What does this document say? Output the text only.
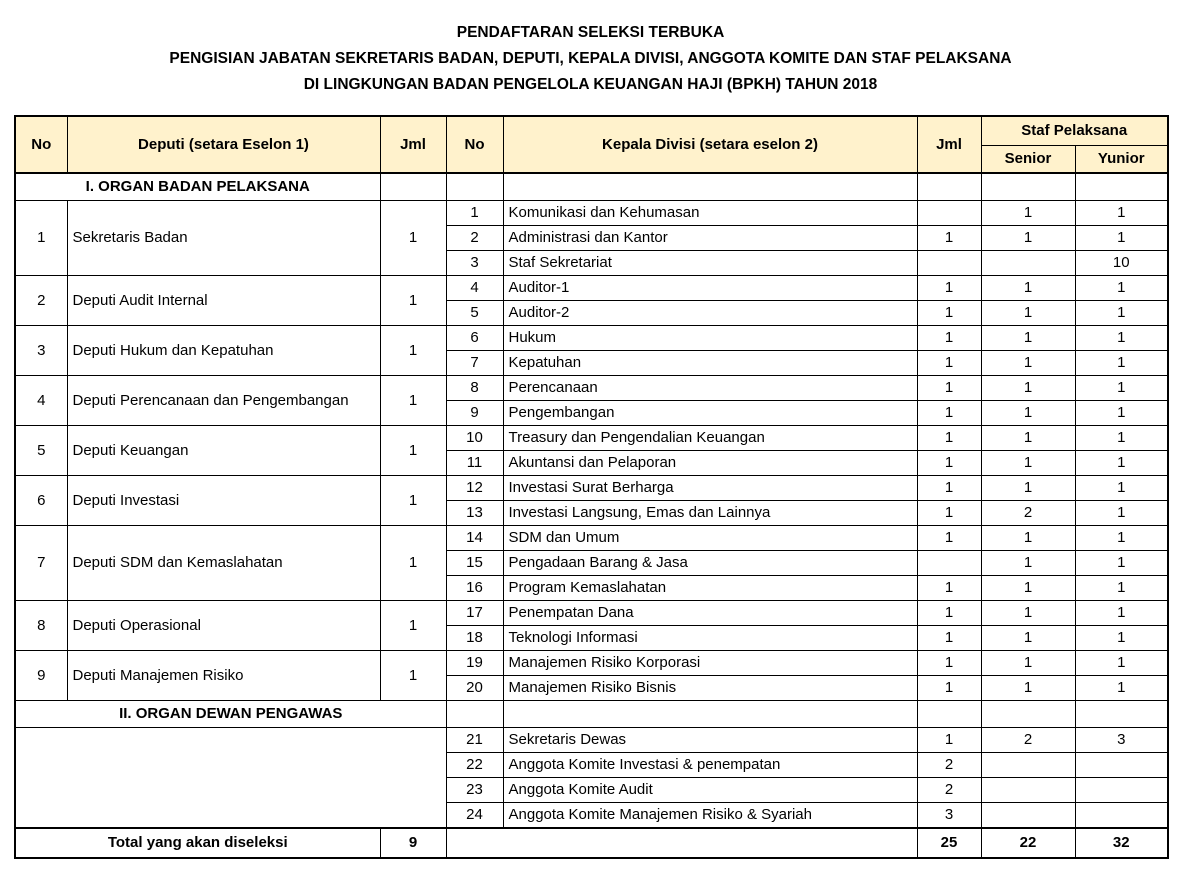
PENDAFTARAN SELEKSI TERBUKA
PENGISIAN JABATAN SEKRETARIS BADAN, DEPUTI, KEPALA DIVISI, ANGGOTA KOMITE DAN STAF PELAKSANA
DI LINGKUNGAN BADAN PENGELOLA KEUANGAN HAJI (BPKH) TAHUN 2018
No	Deputi (setara Eselon 1)	Jml	No	Kepala Divisi (setara eselon 2)	Jml	Staf Pelaksana	
						Senior	Yunior
I. ORGAN BADAN PELAKSANA							
1	Sekretaris Badan	1	1	Komunikasi dan Kehumasan		1	1
			2	Administrasi dan Kantor	1	1	1
			3	Staf Sekretariat			10
2	Deputi Audit Internal	1	4	Auditor-1	1	1	1
			5	Auditor-2	1	1	1
3	Deputi Hukum dan Kepatuhan	1	6	Hukum	1	1	1
			7	Kepatuhan	1	1	1
4	Deputi Perencanaan dan Pengembangan	1	8	Perencanaan	1	1	1
			9	Pengembangan	1	1	1
5	Deputi Keuangan	1	10	Treasury dan Pengendalian Keuangan	1	1	1
			11	Akuntansi dan Pelaporan	1	1	1
6	Deputi Investasi	1	12	Investasi Surat Berharga	1	1	1
			13	Investasi Langsung, Emas dan Lainnya	1	2	1
7	Deputi SDM dan Kemaslahatan	1	14	SDM dan Umum	1	1	1
			15	Pengadaan Barang & Jasa		1	1
			16	Program Kemaslahatan	1	1	1
8	Deputi Operasional	1	17	Penempatan Dana	1	1	1
			18	Teknologi Informasi	1	1	1
9	Deputi Manajemen Risiko	1	19	Manajemen Risiko Korporasi	1	1	1
			20	Manajemen Risiko Bisnis	1	1	1
II. ORGAN DEWAN PENGAWAS							
			21	Sekretaris Dewas	1	2	3
			22	Anggota Komite Investasi & penempatan	2		
			23	Anggota Komite Audit	2		
			24	Anggota Komite Manajemen Risiko & Syariah	3		
Total yang akan diseleksi		9			25	22	32
